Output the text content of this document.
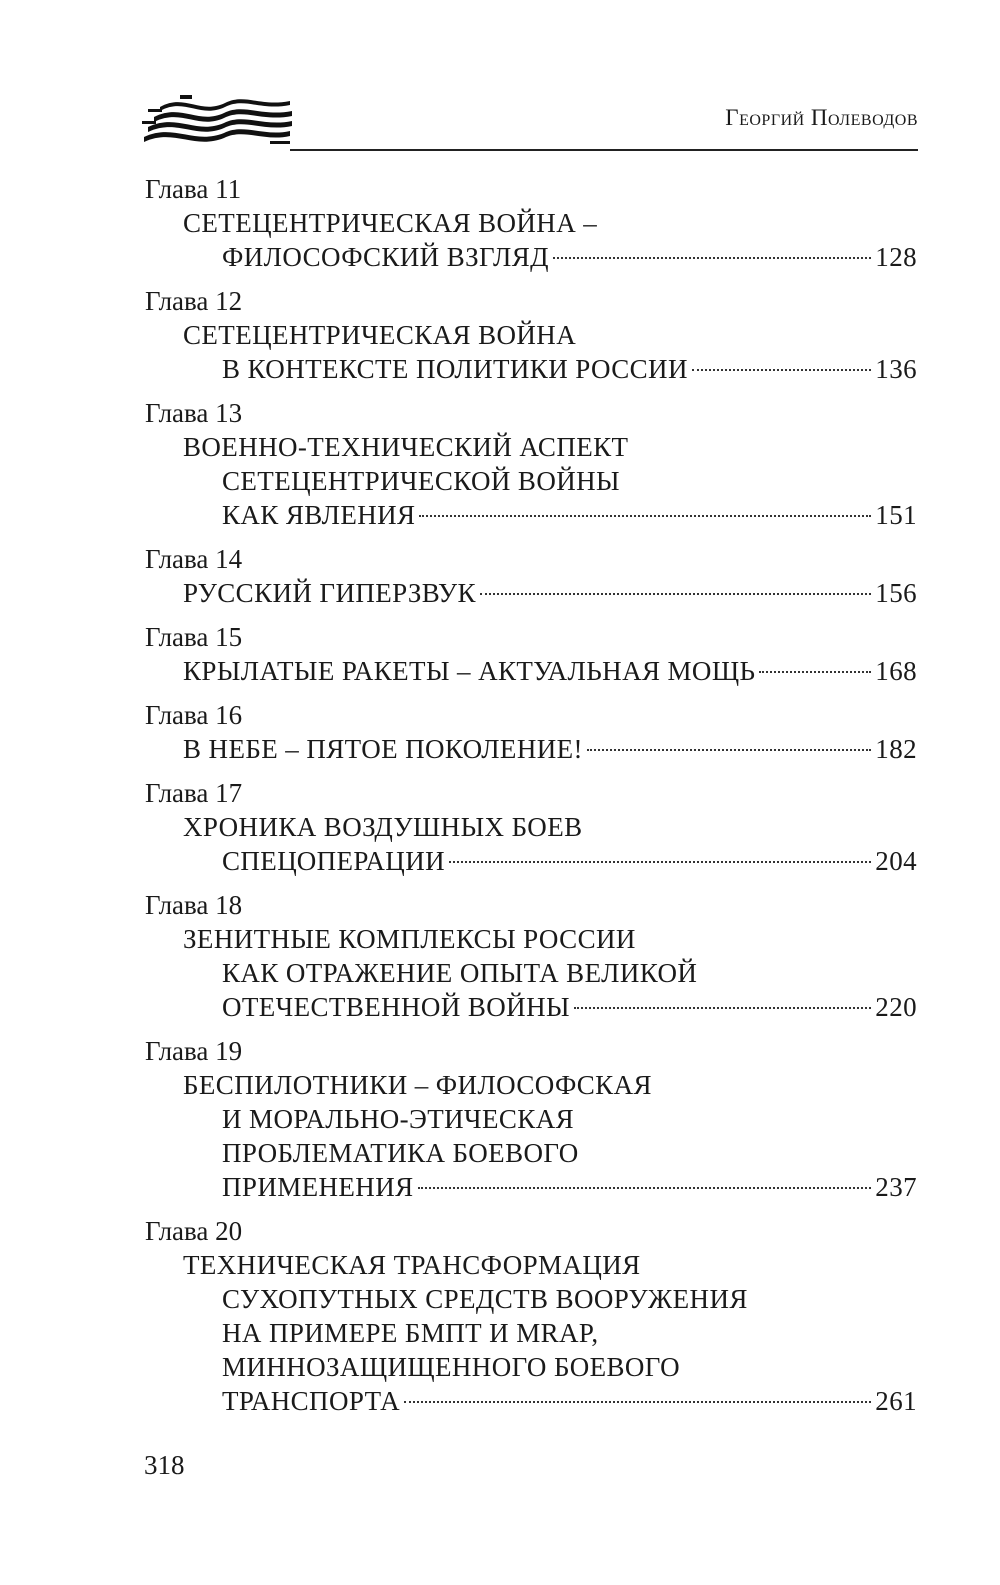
Георгий Полеводов
Глава 11
СЕТЕЦЕНТРИЧЕСКАЯ ВОЙНА –
ФИЛОСОФСКИЙ ВЗГЛЯД	128
Глава 12
СЕТЕЦЕНТРИЧЕСКАЯ ВОЙНА
В КОНТЕКСТЕ ПОЛИТИКИ РОССИИ	136
Глава 13
ВОЕННО-ТЕХНИЧЕСКИЙ АСПЕКТ
СЕТЕЦЕНТРИЧЕСКОЙ ВОЙНЫ
КАК ЯВЛЕНИЯ	151
Глава 14
РУССКИЙ ГИПЕРЗВУК	156
Глава 15
КРЫЛАТЫЕ РАКЕТЫ – АКТУАЛЬНАЯ МОЩЬ	168
Глава 16
В НЕБЕ – ПЯТОЕ ПОКОЛЕНИЕ!	182
Глава 17
ХРОНИКА ВОЗДУШНЫХ БОЕВ
СПЕЦОПЕРАЦИИ	204
Глава 18
ЗЕНИТНЫЕ КОМПЛЕКСЫ РОССИИ
КАК ОТРАЖЕНИЕ ОПЫТА ВЕЛИКОЙ
ОТЕЧЕСТВЕННОЙ ВОЙНЫ	220
Глава 19
БЕСПИЛОТНИКИ – ФИЛОСОФСКАЯ
И МОРАЛЬНО-ЭТИЧЕСКАЯ
ПРОБЛЕМАТИКА БОЕВОГО
ПРИМЕНЕНИЯ	237
Глава 20
ТЕХНИЧЕСКАЯ ТРАНСФОРМАЦИЯ
СУХОПУТНЫХ СРЕДСТВ ВООРУЖЕНИЯ
НА ПРИМЕРЕ БМПТ И MRAP,
МИННОЗАЩИЩЕННОГО БОЕВОГО
ТРАНСПОРТА	261
318
